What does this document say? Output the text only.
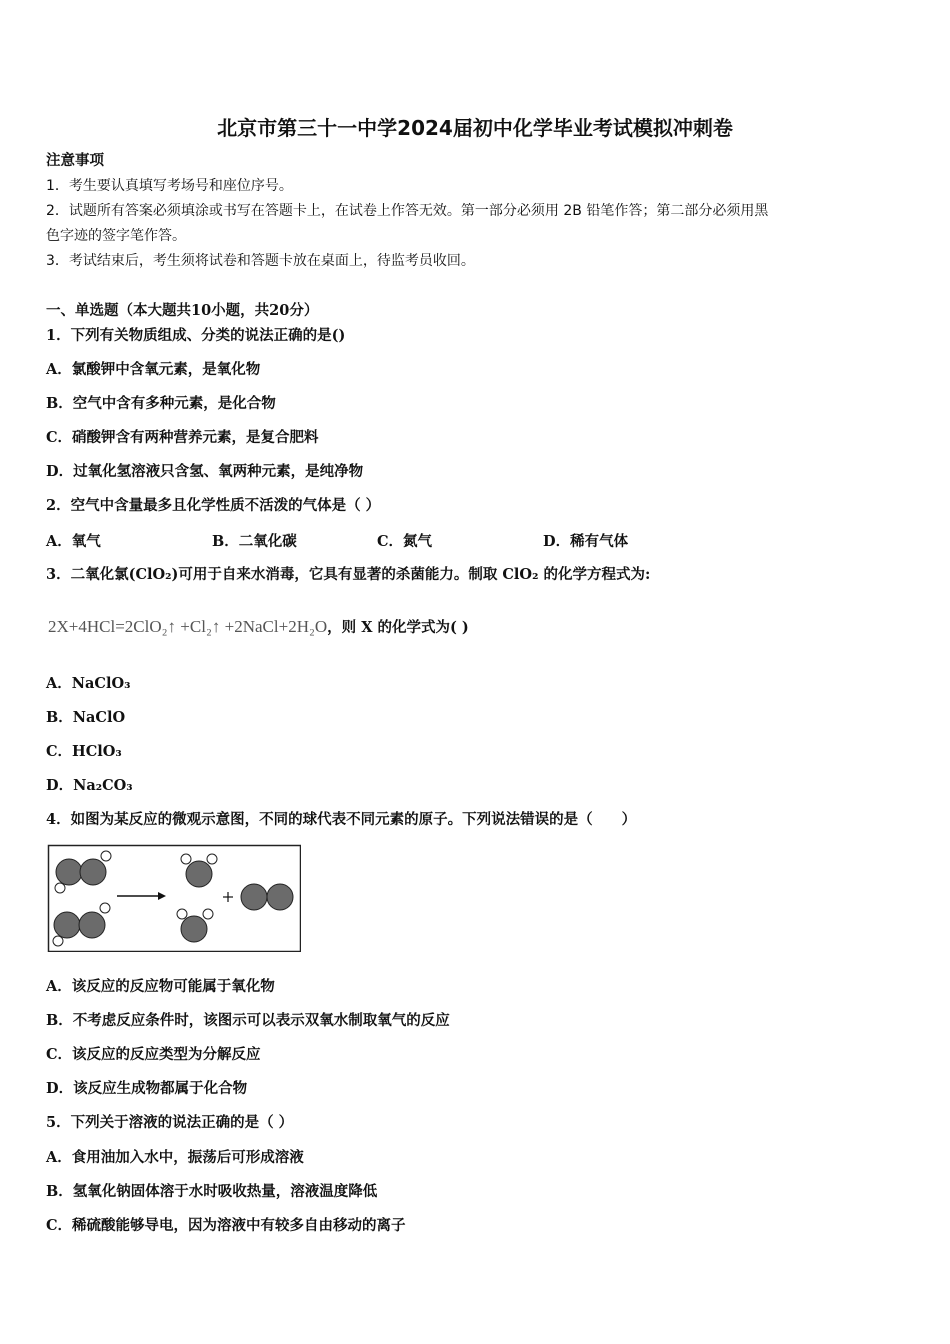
北京市第三十一中学2024届初中化学毕业考试模拟冲刺卷
注意事项
1．考生要认真填写考场号和座位序号。
2．试题所有答案必须填涂或书写在答题卡上，在试卷上作答无效。第一部分必须用 2B 铅笔作答；第二部分必须用黑
色字迹的签字笔作答。
3．考试结束后，考生须将试卷和答题卡放在桌面上，待监考员收回。
一、单选题（本大题共10小题，共20分）
1．下列有关物质组成、分类的说法正确的是()
A．氯酸钾中含氧元素，是氧化物
B．空气中含有多种元素，是化合物
C．硝酸钾含有两种营养元素，是复合肥料
D．过氧化氢溶液只含氢、氧两种元素，是纯净物
2．空气中含量最多且化学性质不活泼的气体是（ ）
A．氧气	B．二氧化碳	C．氮气	D．稀有气体
3．二氧化氯(ClO₂)可用于自来水消毒，它具有显著的杀菌能力。制取 ClO₂ 的化学方程式为:
2X+4HCl=2ClO₂↑ +Cl₂↑ +2NaCl+2H₂O，则 X 的化学式为( )
A．NaClO₃
B．NaClO
C．HClO₃
D．Na₂CO₃
4．如图为某反应的微观示意图，不同的球代表不同元素的原子。下列说法错误的是（　　）
A．该反应的反应物可能属于氧化物
B．不考虑反应条件时，该图示可以表示双氧水制取氧气的反应
C．该反应的反应类型为分解反应
D．该反应生成物都属于化合物
5．下列关于溶液的说法正确的是（ ）
A．食用油加入水中，振荡后可形成溶液
B．氢氧化钠固体溶于水时吸收热量，溶液温度降低
C．稀硫酸能够导电，因为溶液中有较多自由移动的离子
